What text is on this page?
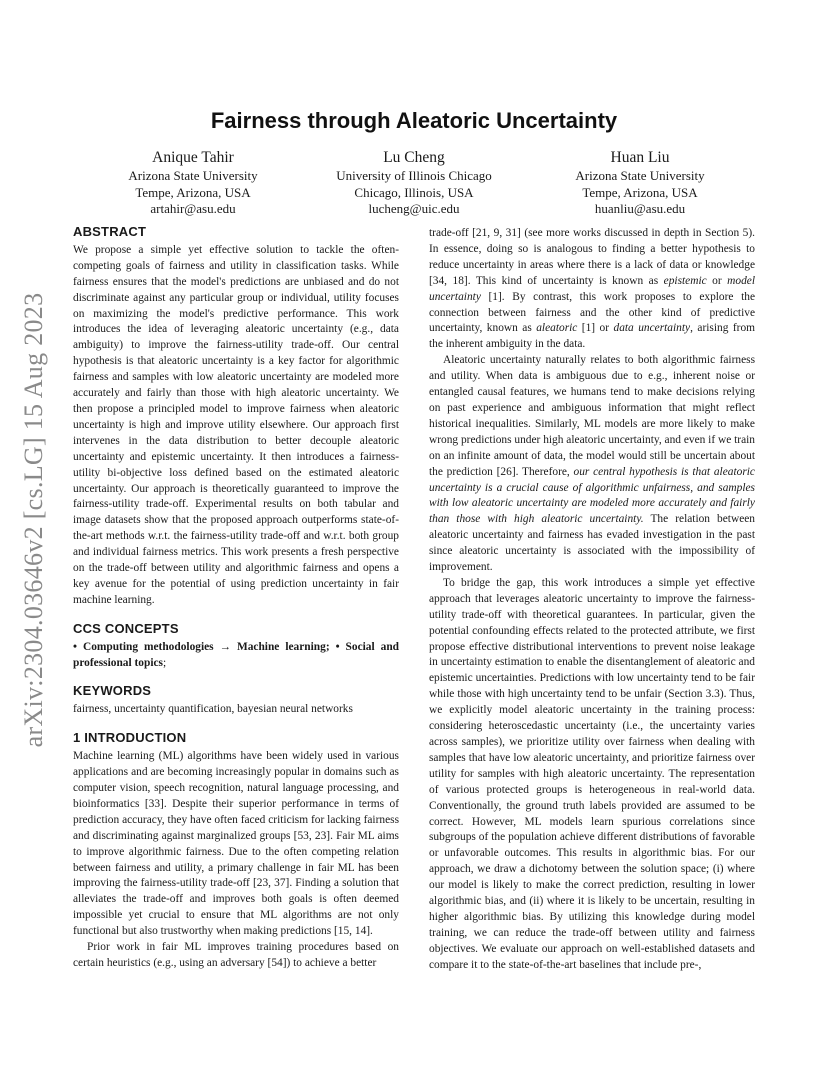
arXiv:2304.03646v2 [cs.LG] 15 Aug 2023
Fairness through Aleatoric Uncertainty
Anique Tahir
Arizona State University
Tempe, Arizona, USA
artahir@asu.edu
Lu Cheng
University of Illinois Chicago
Chicago, Illinois, USA
lucheng@uic.edu
Huan Liu
Arizona State University
Tempe, Arizona, USA
huanliu@asu.edu
ABSTRACT

We propose a simple yet effective solution to tackle the often-competing goals of fairness and utility in classification tasks. While fairness ensures that the model's predictions are unbiased and do not discriminate against any particular group or individual, utility focuses on maximizing the model's predictive performance. This work introduces the idea of leveraging aleatoric uncertainty (e.g., data ambiguity) to improve the fairness-utility trade-off. Our central hypothesis is that aleatoric uncertainty is a key factor for algorithmic fairness and samples with low aleatoric uncertainty are modeled more accurately and fairly than those with high aleatoric uncertainty. We then propose a principled model to improve fairness when aleatoric uncertainty is high and improve utility elsewhere. Our approach first intervenes in the data distribution to better decouple aleatoric uncertainty and epistemic uncertainty. It then introduces a fairness-utility bi-objective loss defined based on the estimated aleatoric uncertainty. Our approach is theoretically guaranteed to improve the fairness-utility trade-off. Experimental results on both tabular and image datasets show that the proposed approach outperforms state-of-the-art methods w.r.t. the fairness-utility trade-off and w.r.t. both group and individual fairness metrics. This work presents a fresh perspective on the trade-off between utility and algorithmic fairness and opens a key avenue for the potential of using prediction uncertainty in fair machine learning.

CCS CONCEPTS

• Computing methodologies → Machine learning; • Social and professional topics;

KEYWORDS

fairness, uncertainty quantification, bayesian neural networks

1 INTRODUCTION

Machine learning (ML) algorithms have been widely used in various applications and are becoming increasingly popular in domains such as computer vision, speech recognition, natural language processing, and bioinformatics [33]. Despite their superior performance in terms of prediction accuracy, they have often faced criticism for lacking fairness and discriminating against marginalized groups [53, 23]. Fair ML aims to improve algorithmic fairness. Due to the often competing relation between fairness and utility, a primary challenge in fair ML has been improving the fairness-utility trade-off [23, 37]. Finding a solution that alleviates the trade-off and improves both goals is often deemed impossible yet crucial to ensure that ML algorithms are not only functional but also trustworthy when making predictions [15, 14].

Prior work in fair ML improves training procedures based on certain heuristics (e.g., using an adversary [54]) to achieve a better

trade-off [21, 9, 31] (see more works discussed in depth in Section 5). In essence, doing so is analogous to finding a better hypothesis to reduce uncertainty in areas where there is a lack of data or knowledge [34, 18]. This kind of uncertainty is known as epistemic or model uncertainty [1]. By contrast, this work proposes to explore the connection between fairness and the other kind of predictive uncertainty, known as aleatoric [1] or data uncertainty, arising from the inherent ambiguity in the data.

Aleatoric uncertainty naturally relates to both algorithmic fairness and utility. When data is ambiguous due to e.g., inherent noise or entangled causal features, we humans tend to make decisions relying on past experience and ambiguous information that might reflect historical inequalities. Similarly, ML models are more likely to make wrong predictions under high aleatoric uncertainty, and even if we train on an infinite amount of data, the model would still be uncertain about the prediction [26]. Therefore, our central hypothesis is that aleatoric uncertainty is a crucial cause of algorithmic unfairness, and samples with low aleatoric uncertainty are modeled more accurately and fairly than those with high aleatoric uncertainty. The relation between aleatoric uncertainty and fairness has evaded investigation in the past since aleatoric uncertainty is associated with the impossibility of improvement.

To bridge the gap, this work introduces a simple yet effective approach that leverages aleatoric uncertainty to improve the fairness-utility trade-off with theoretical guarantees. In particular, given the potential confounding effects related to the protected attribute, we first propose effective distributional interventions to prevent noise leakage in uncertainty estimation to enable the disentanglement of aleatoric and epistemic uncertainties. Predictions with low uncertainty tend to be fair while those with high uncertainty tend to be unfair (Section 3.3). Thus, we explicitly model aleatoric uncertainty in the training process: considering heteroscedastic uncertainty (i.e., the uncertainty varies across samples), we prioritize utility over fairness when dealing with samples that have low aleatoric uncertainty, and prioritize fairness over utility for samples with high aleatoric uncertainty. The representation of various protected groups is heterogeneous in real-world data. Conventionally, the ground truth labels provided are assumed to be correct. However, ML models learn spurious correlations since subgroups of the population achieve different distributions of favorable or unfavorable outcomes. This results in algorithmic bias. For our approach, we draw a dichotomy between the solution space; (i) where our model is likely to make the correct prediction, resulting in lower algorithmic bias, and (ii) where it is likely to be uncertain, resulting in higher algorithmic bias. By utilizing this knowledge during model training, we can reduce the trade-off between utility and fairness objectives. We evaluate our approach on well-established datasets and compare it to the state-of-the-art baselines that include pre-,
